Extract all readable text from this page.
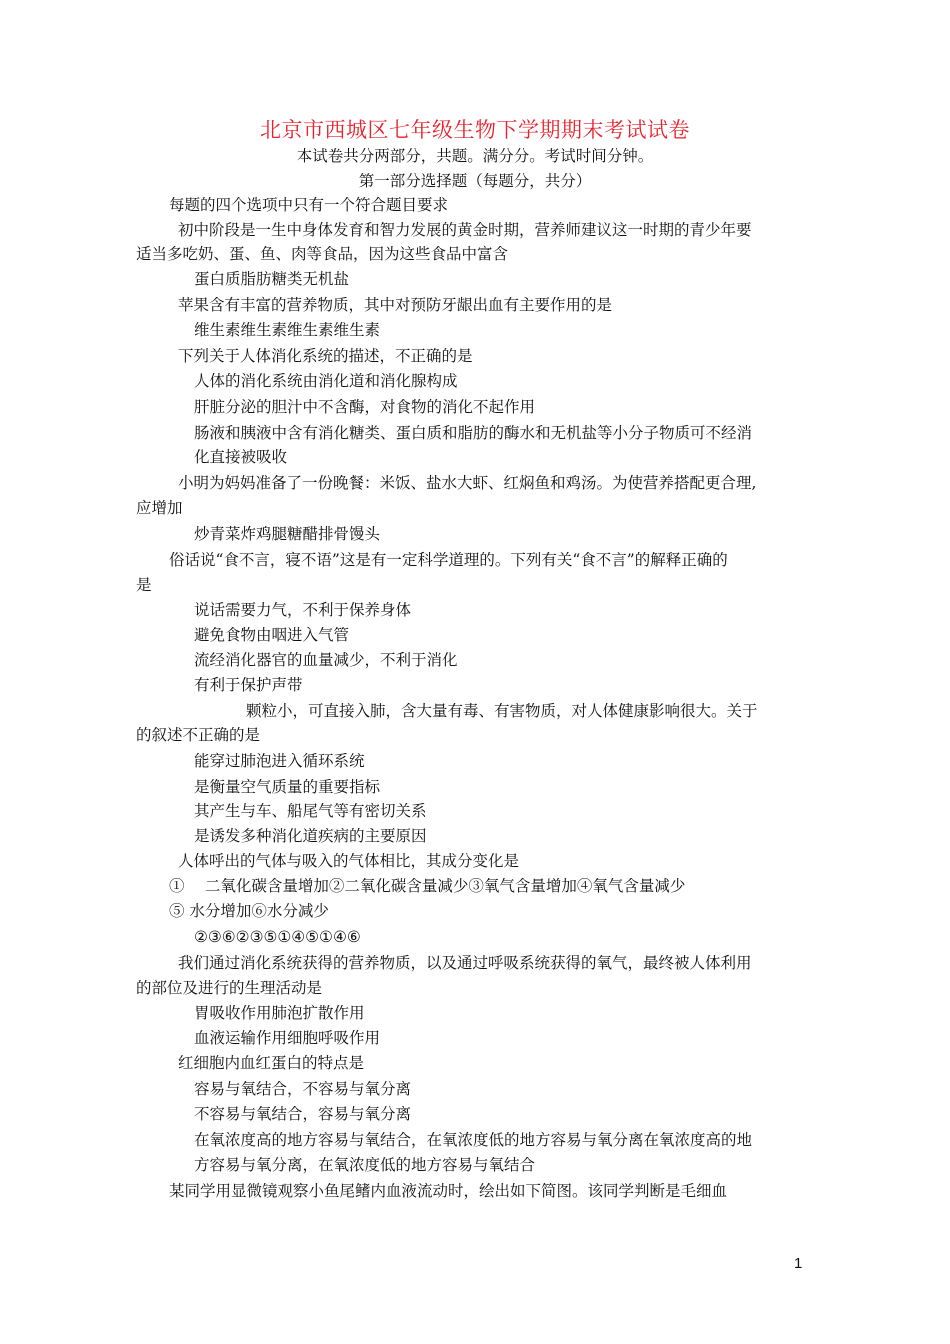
北京市西城区七年级生物下学期期末考试试卷
本试卷共分两部分，共题。满分分。考试时间分钟。
第一部分选择题（每题分，共分）
每题的四个选项中只有一个符合题目要求
初中阶段是一生中身体发育和智力发展的黄金时期，营养师建议这一时期的青少年要
适当多吃奶、蛋、鱼、肉等食品，因为这些食品中富含
蛋白质脂肪糖类无机盐
苹果含有丰富的营养物质，其中对预防牙龈出血有主要作用的是
维生素维生素维生素维生素
下列关于人体消化系统的描述，不正确的是
人体的消化系统由消化道和消化腺构成
肝脏分泌的胆汁中不含酶，对食物的消化不起作用
肠液和胰液中含有消化糖类、蛋白质和脂肪的酶水和无机盐等小分子物质可不经消
化直接被吸收
小明为妈妈准备了一份晚餐：米饭、盐水大虾、红焖鱼和鸡汤。为使营养搭配更合理,
应增加
炒青菜炸鸡腿糖醋排骨馒头
俗话说“食不言，寝不语”这是有一定科学道理的。下列有关“食不言”的解释正确的
是
说话需要力气，不利于保养身体
避免食物由咽进入气管
流经消化器官的血量减少，不利于消化
有利于保护声带
颗粒小，可直接入肺，含大量有毒、有害物质，对人体健康影响很大。关于
的叙述不正确的是
能穿过肺泡进入循环系统
是衡量空气质量的重要指标
其产生与车、船尾气等有密切关系
是诱发多种消化道疾病的主要原因
人体呼出的气体与吸入的气体相比，其成分变化是
①　 二氧化碳含量增加②二氧化碳含量减少③氧气含量增加④氧气含量减少
⑤ 水分增加⑥水分减少
②③⑥②③⑤①④⑤①④⑥
我们通过消化系统获得的营养物质，以及通过呼吸系统获得的氧气，最终被人体利用
的部位及进行的生理活动是
胃吸收作用肺泡扩散作用
血液运输作用细胞呼吸作用
红细胞内血红蛋白的特点是
容易与氧结合，不容易与氧分离
不容易与氧结合，容易与氧分离
在氧浓度高的地方容易与氧结合，在氧浓度低的地方容易与氧分离在氧浓度高的地
方容易与氧分离，在氧浓度低的地方容易与氧结合
某同学用显微镜观察小鱼尾鳍内血液流动时，绘出如下简图。该同学判断是毛细血
1
